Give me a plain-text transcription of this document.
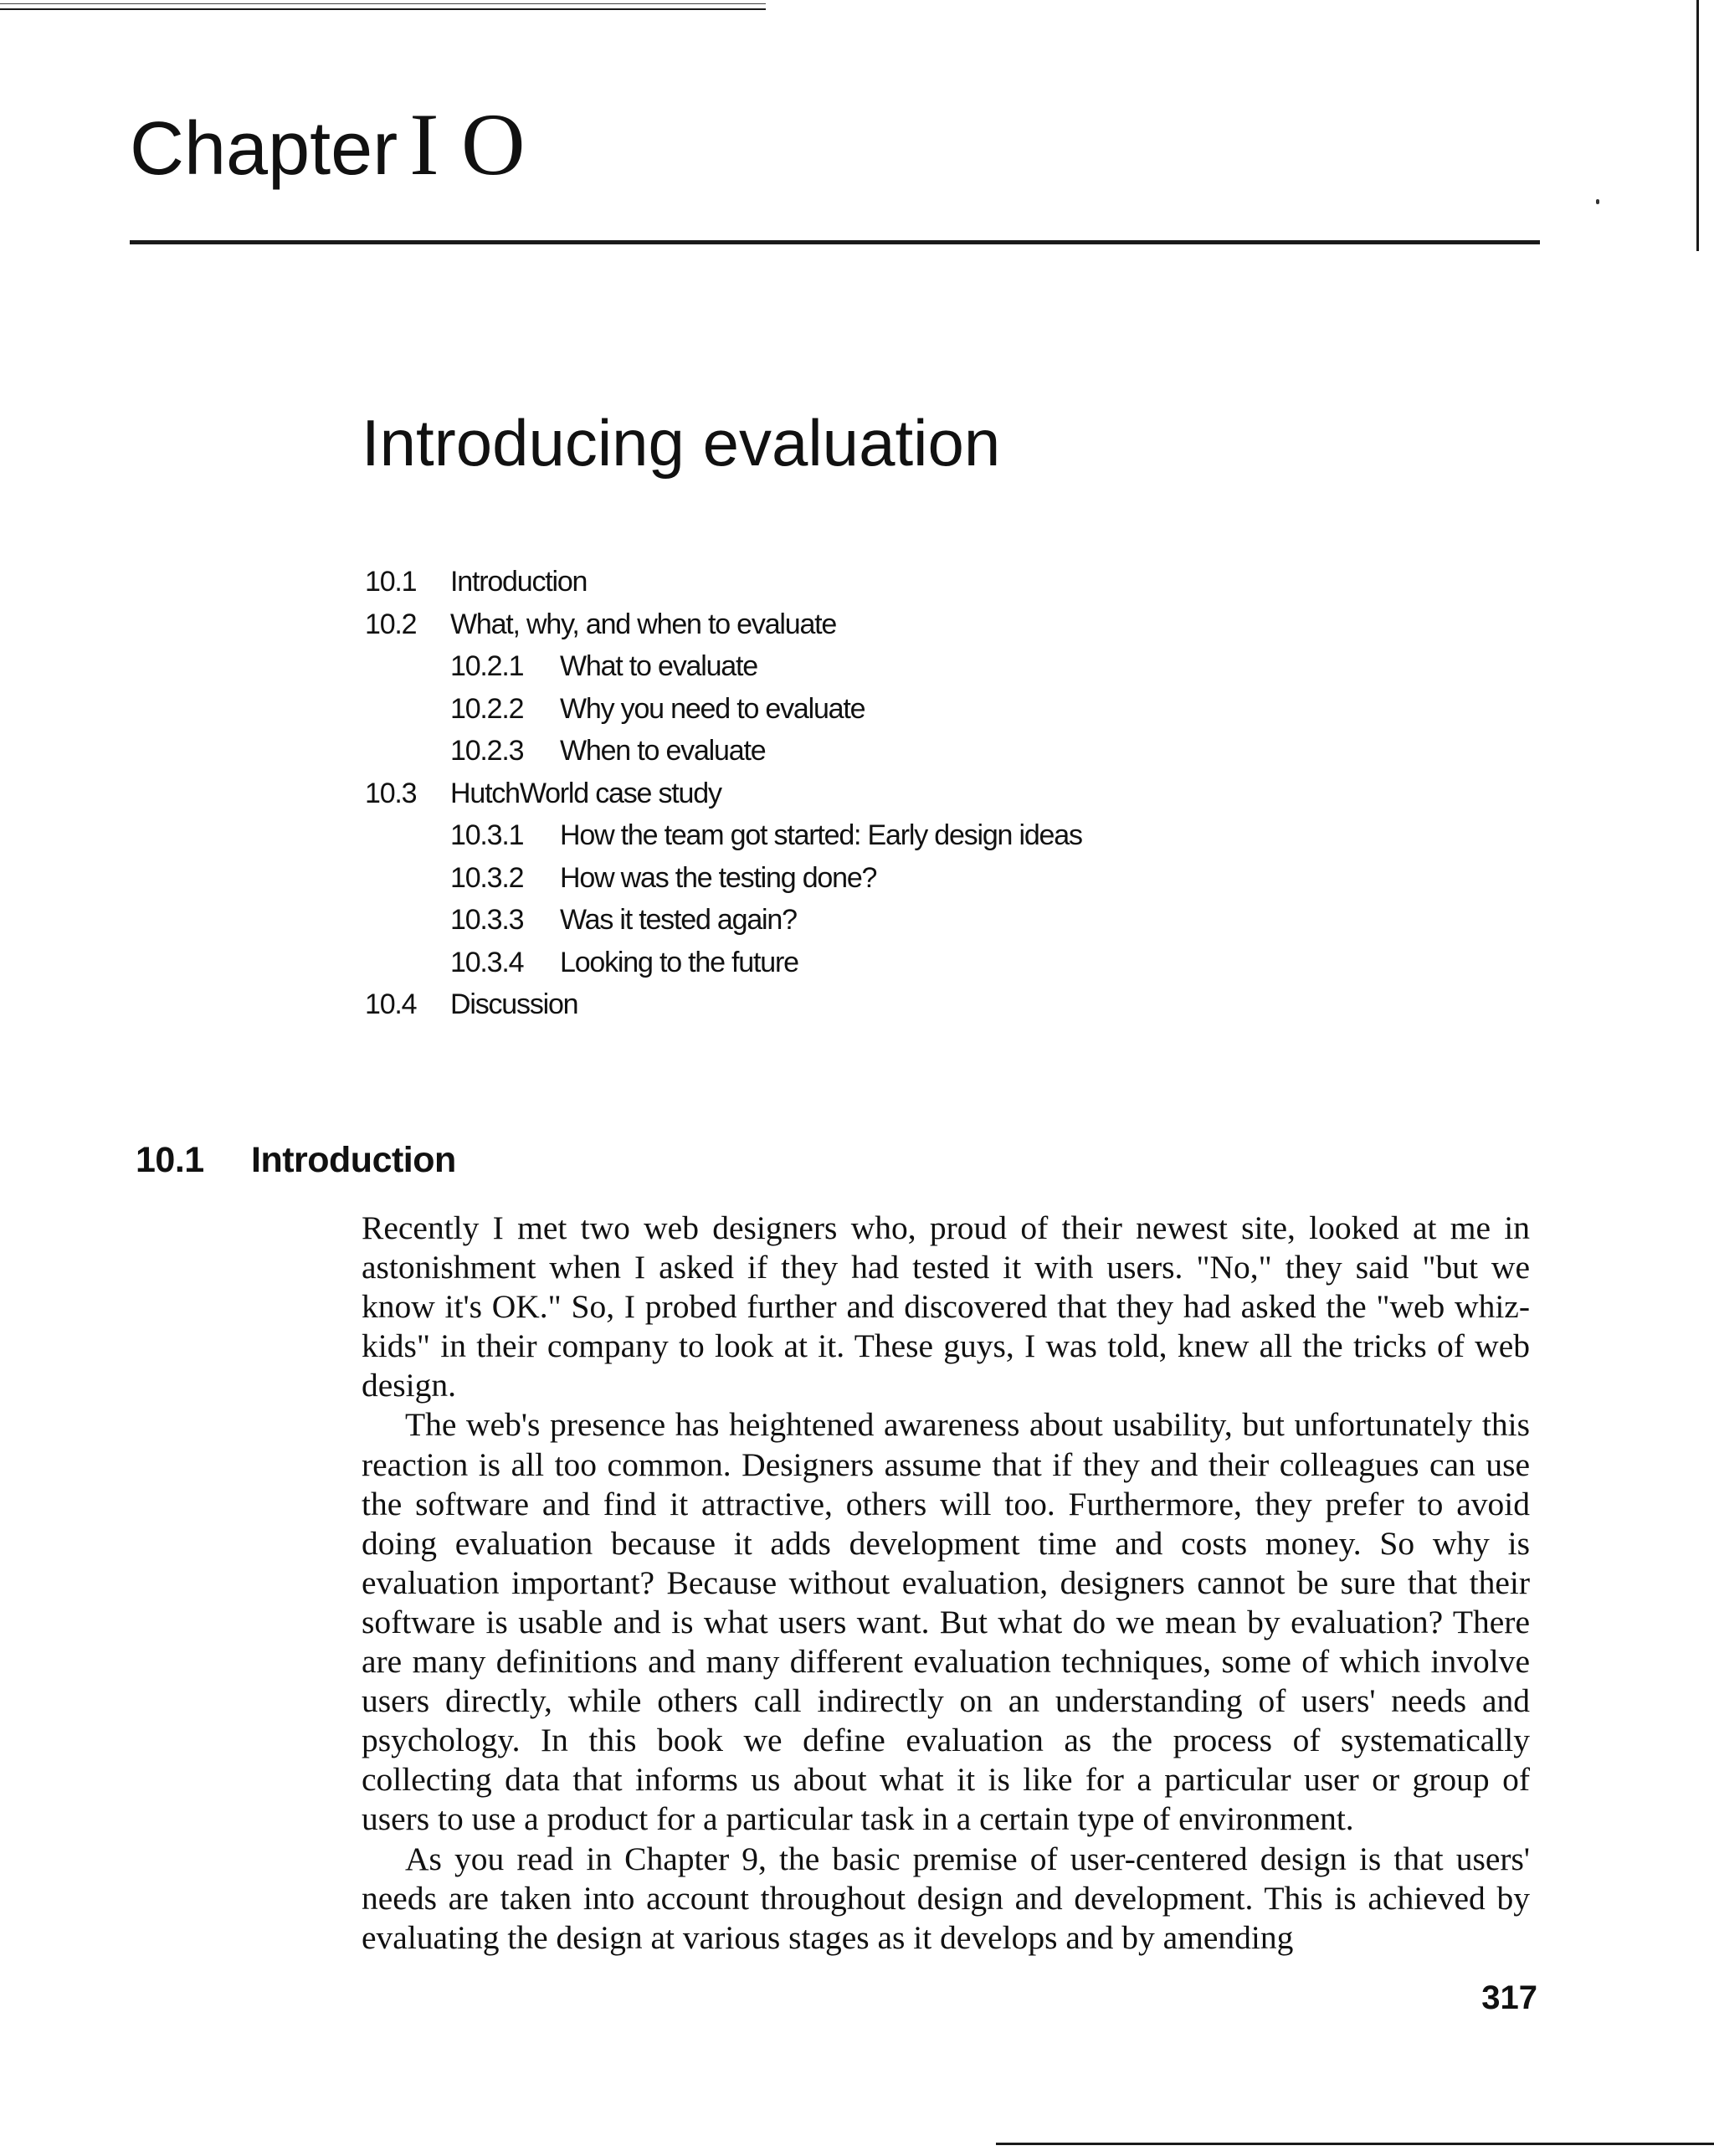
Chapter I O
Introducing evaluation
10.1 Introduction
10.2 What, why, and when to evaluate
10.2.1 What to evaluate
10.2.2 Why you need to evaluate
10.2.3 When to evaluate
10.3 HutchWorld case study
10.3.1 How the team got started: Early design ideas
10.3.2 How was the testing done?
10.3.3 Was it tested again?
10.3.4 Looking to the future
10.4 Discussion
10.1 Introduction

Recently I met two web designers who, proud of their newest site, looked at me in astonishment when I asked if they had tested it with users. "No," they said "but we know it's OK." So, I probed further and discovered that they had asked the "web whiz-kids" in their company to look at it. These guys, I was told, knew all the tricks of web design.

The web's presence has heightened awareness about usability, but unfortunately this reaction is all too common. Designers assume that if they and their colleagues can use the software and find it attractive, others will too. Furthermore, they prefer to avoid doing evaluation because it adds development time and costs money. So why is evaluation important? Because without evaluation, designers cannot be sure that their software is usable and is what users want. But what do we mean by evaluation? There are many definitions and many different evaluation techniques, some of which involve users directly, while others call indirectly on an understanding of users' needs and psychology. In this book we define evaluation as the process of systematically collecting data that informs us about what it is like for a particular user or group of users to use a product for a particular task in a certain type of environment.

As you read in Chapter 9, the basic premise of user-centered design is that users' needs are taken into account throughout design and development. This is achieved by evaluating the design at various stages as it develops and by amending

317
